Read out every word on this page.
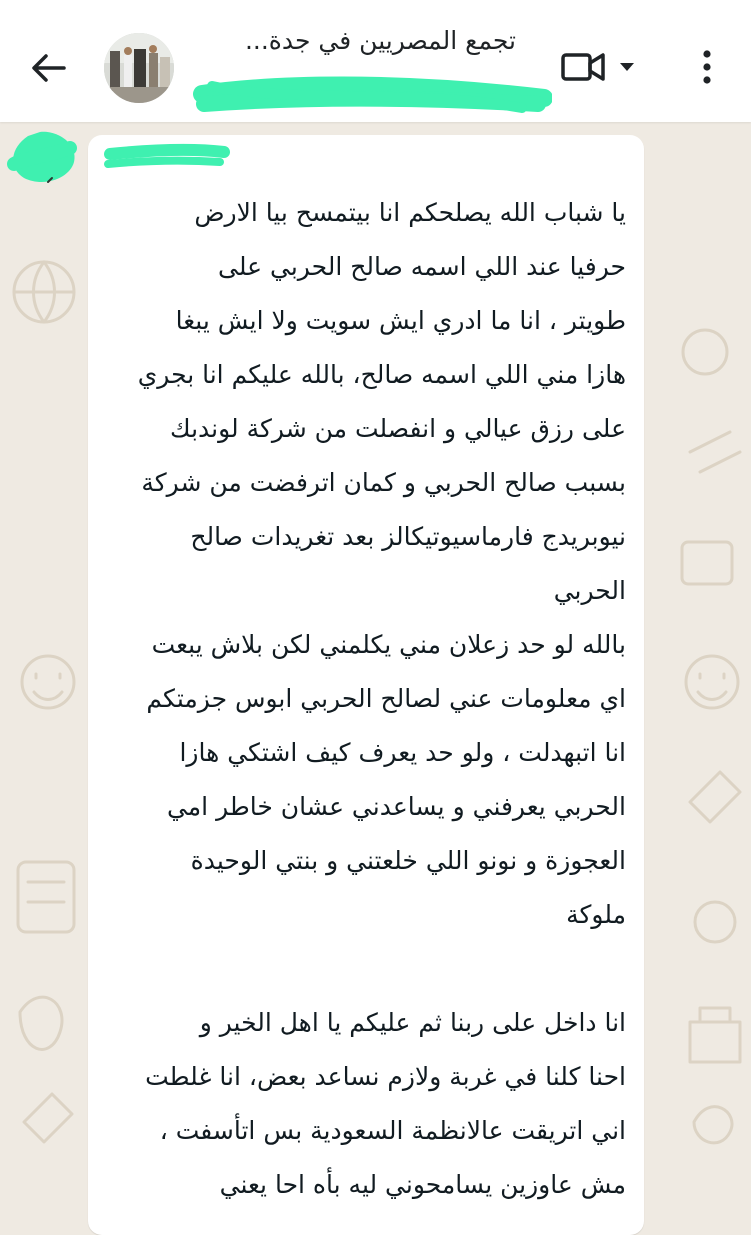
تجمع المصريين في جدة...
يا شباب الله يصلحكم انا بيتمسح بيا الارض
حرفيا عند اللي اسمه صالح الحربي على
طويتر ، انا ما ادري ايش سويت ولا ايش يبغا
هازا مني اللي اسمه صالح، بالله عليكم انا بجري
على رزق عيالي و انفصلت من شركة لوندبك
بسبب صالح الحربي و كمان اترفضت من شركة
نيوبريدج فارماسيوتيكالز بعد تغريدات صالح
الحربي
بالله لو حد زعلان مني يكلمني لكن بلاش يبعت
اي معلومات عني لصالح الحربي ابوس جزمتكم
انا اتبهدلت ، ولو حد يعرف كيف اشتكي هازا
الحربي يعرفني و يساعدني عشان خاطر امي
العجوزة و نونو اللي خلعتني و بنتي الوحيدة
ملوكة

انا داخل على ربنا ثم عليكم يا اهل الخير و
احنا كلنا في غربة ولازم نساعد بعض، انا غلطت
اني اتريقت عالانظمة السعودية بس اتأسفت ،
مش عاوزين يسامحوني ليه بأه احا يعني
